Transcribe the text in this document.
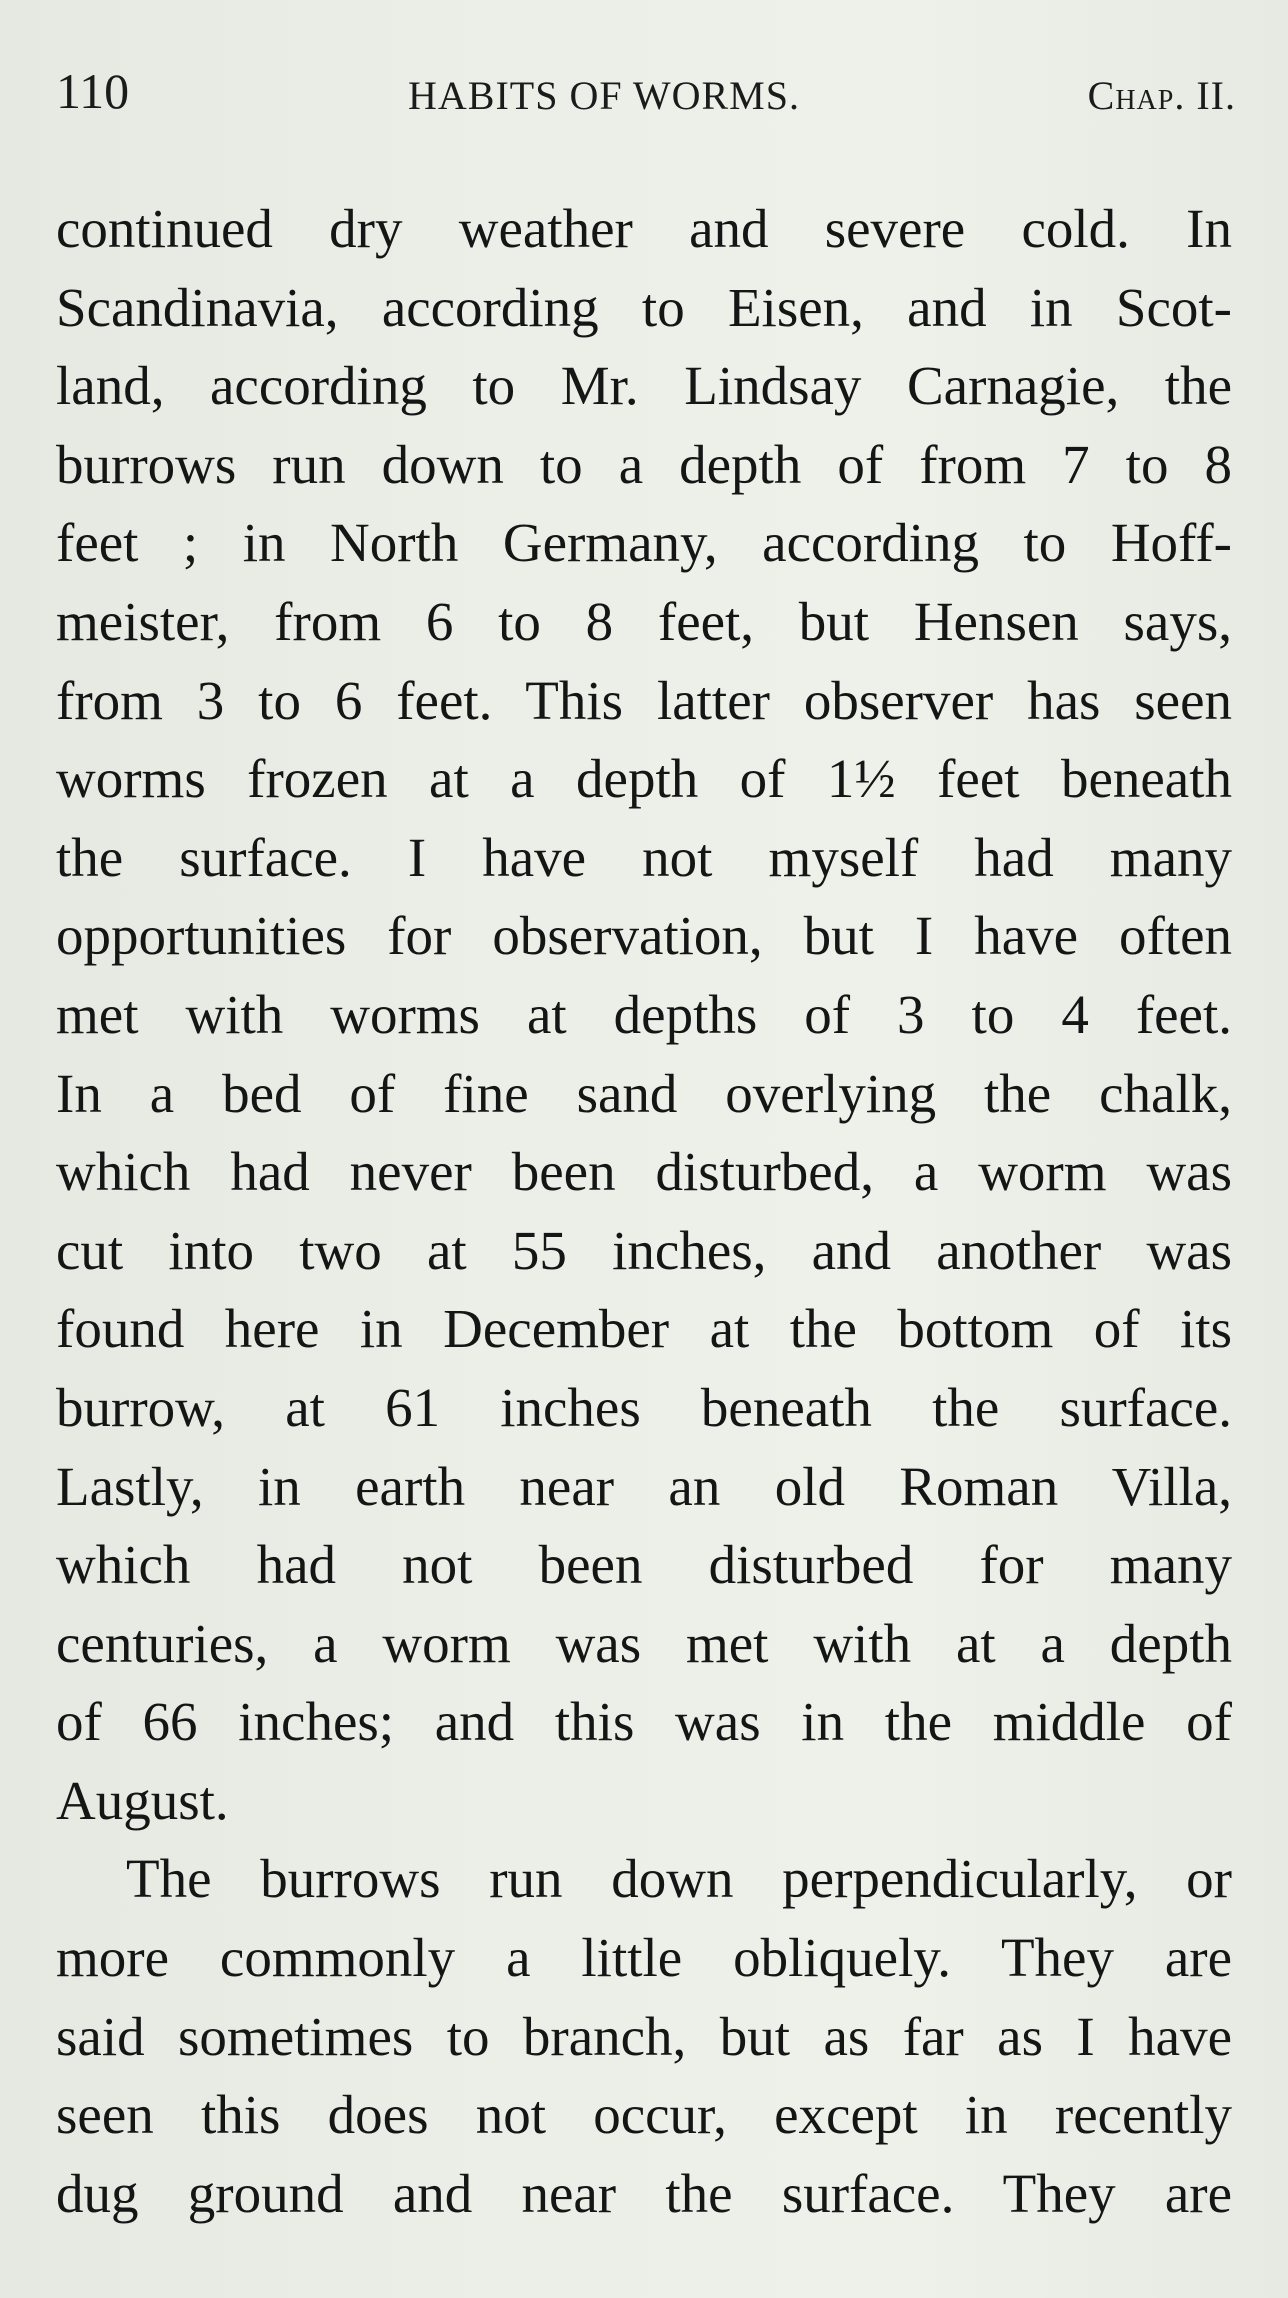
110	HABITS OF WORMS.	Chap. II.
continued dry weather and severe cold. In
Scandinavia, according to Eisen, and in Scot-
land, according to Mr. Lindsay Carnagie, the
burrows run down to a depth of from 7 to 8
feet ; in North Germany, according to Hoff-
meister, from 6 to 8 feet, but Hensen says,
from 3 to 6 feet. This latter observer has seen
worms frozen at a depth of 1½ feet beneath
the surface. I have not myself had many
opportunities for observation, but I have often
met with worms at depths of 3 to 4 feet.
In a bed of fine sand overlying the chalk,
which had never been disturbed, a worm was
cut into two at 55 inches, and another was
found here in December at the bottom of its
burrow, at 61 inches beneath the surface.
Lastly, in earth near an old Roman Villa,
which had not been disturbed for many
centuries, a worm was met with at a depth
of 66 inches; and this was in the middle of
August.
The burrows run down perpendicularly, or
more commonly a little obliquely. They are
said sometimes to branch, but as far as I have
seen this does not occur, except in recently
dug ground and near the surface. They are
